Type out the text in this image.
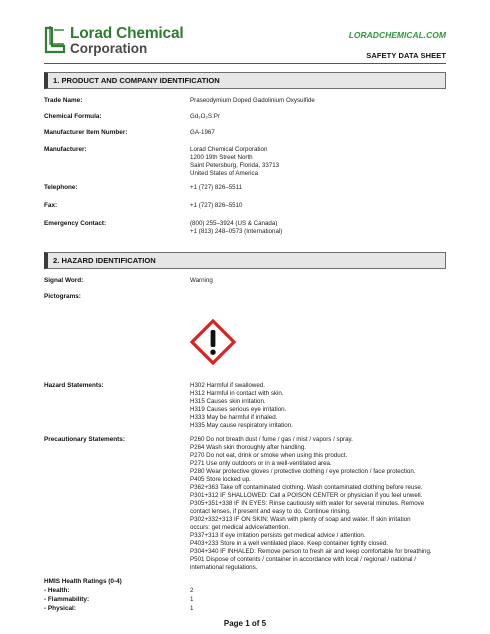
Lorad Chemical
Corporation
LORADCHEMICAL.COM
SAFETY DATA SHEET
1. PRODUCT AND COMPANY IDENTIFICATION
Trade Name:	Praseodymium Doped Gadolinium Oxysulfide
Chemical Formula:	Gd₂O₂S:Pr
Manufacturer Item Number:	GA-1967
Manufacturer:	Lorad Chemical Corporation
1200 19th Street North
Saint Petersburg, Florida, 33713
United States of America
Telephone:	+1 (727) 826–5511
Fax:	+1 (727) 826–5510
Emergency Contact:	(800) 255–3924 (US & Canada)
+1 (813) 248–0573 (International)
2. HAZARD IDENTIFICATION
Signal Word:	Warning
Pictograms:
Hazard Statements:	H302 Harmful if swallowed.
H312 Harmful in contact with skin.
H315 Causes skin irritation.
H319 Causes serious eye irritation.
H333 May be harmful if inhaled.
H335 May cause respiratory irritation.
Precautionary Statements:	P260 Do not breath dust / fume / gas / mist / vapors / spray.
P264 Wash skin thoroughly after handling.
P270 Do not eat, drink or smoke when using this product.
P271 Use only outdoors or in a well-ventilated area.
P280 Wear protective gloves / protective clothing / eye protection / face protection.
P405 Store locked up.
P362+363 Take off contaminated clothing. Wash contaminated clothing before reuse.
P301+312 IF SHALLOWED: Call a POISON CENTER or physician if you feel unwell.
P305+351+338 IF IN EYES: Rinse cautiously with water for several minutes. Remove
contact lenses, if present and easy to do. Continue rinsing.
P302+332+313 IF ON SKIN: Wash with plenty of soap and water. If skin irritation
occurs: get medical advice/attention.
P337+313 If eye irritation persists get medical advice / attention.
P403+233 Store in a well ventilated place. Keep container tightly closed.
P304+340 IF INHALED: Remove person to fresh air and keep comfortable for breathing.
P501 Dispose of contents / container in accordance with local / regional / national /
international regulations.
HMIS Health Ratings (0-4)
- Health:	2
- Flammability:	1
- Physical:	1
Page 1 of 5
